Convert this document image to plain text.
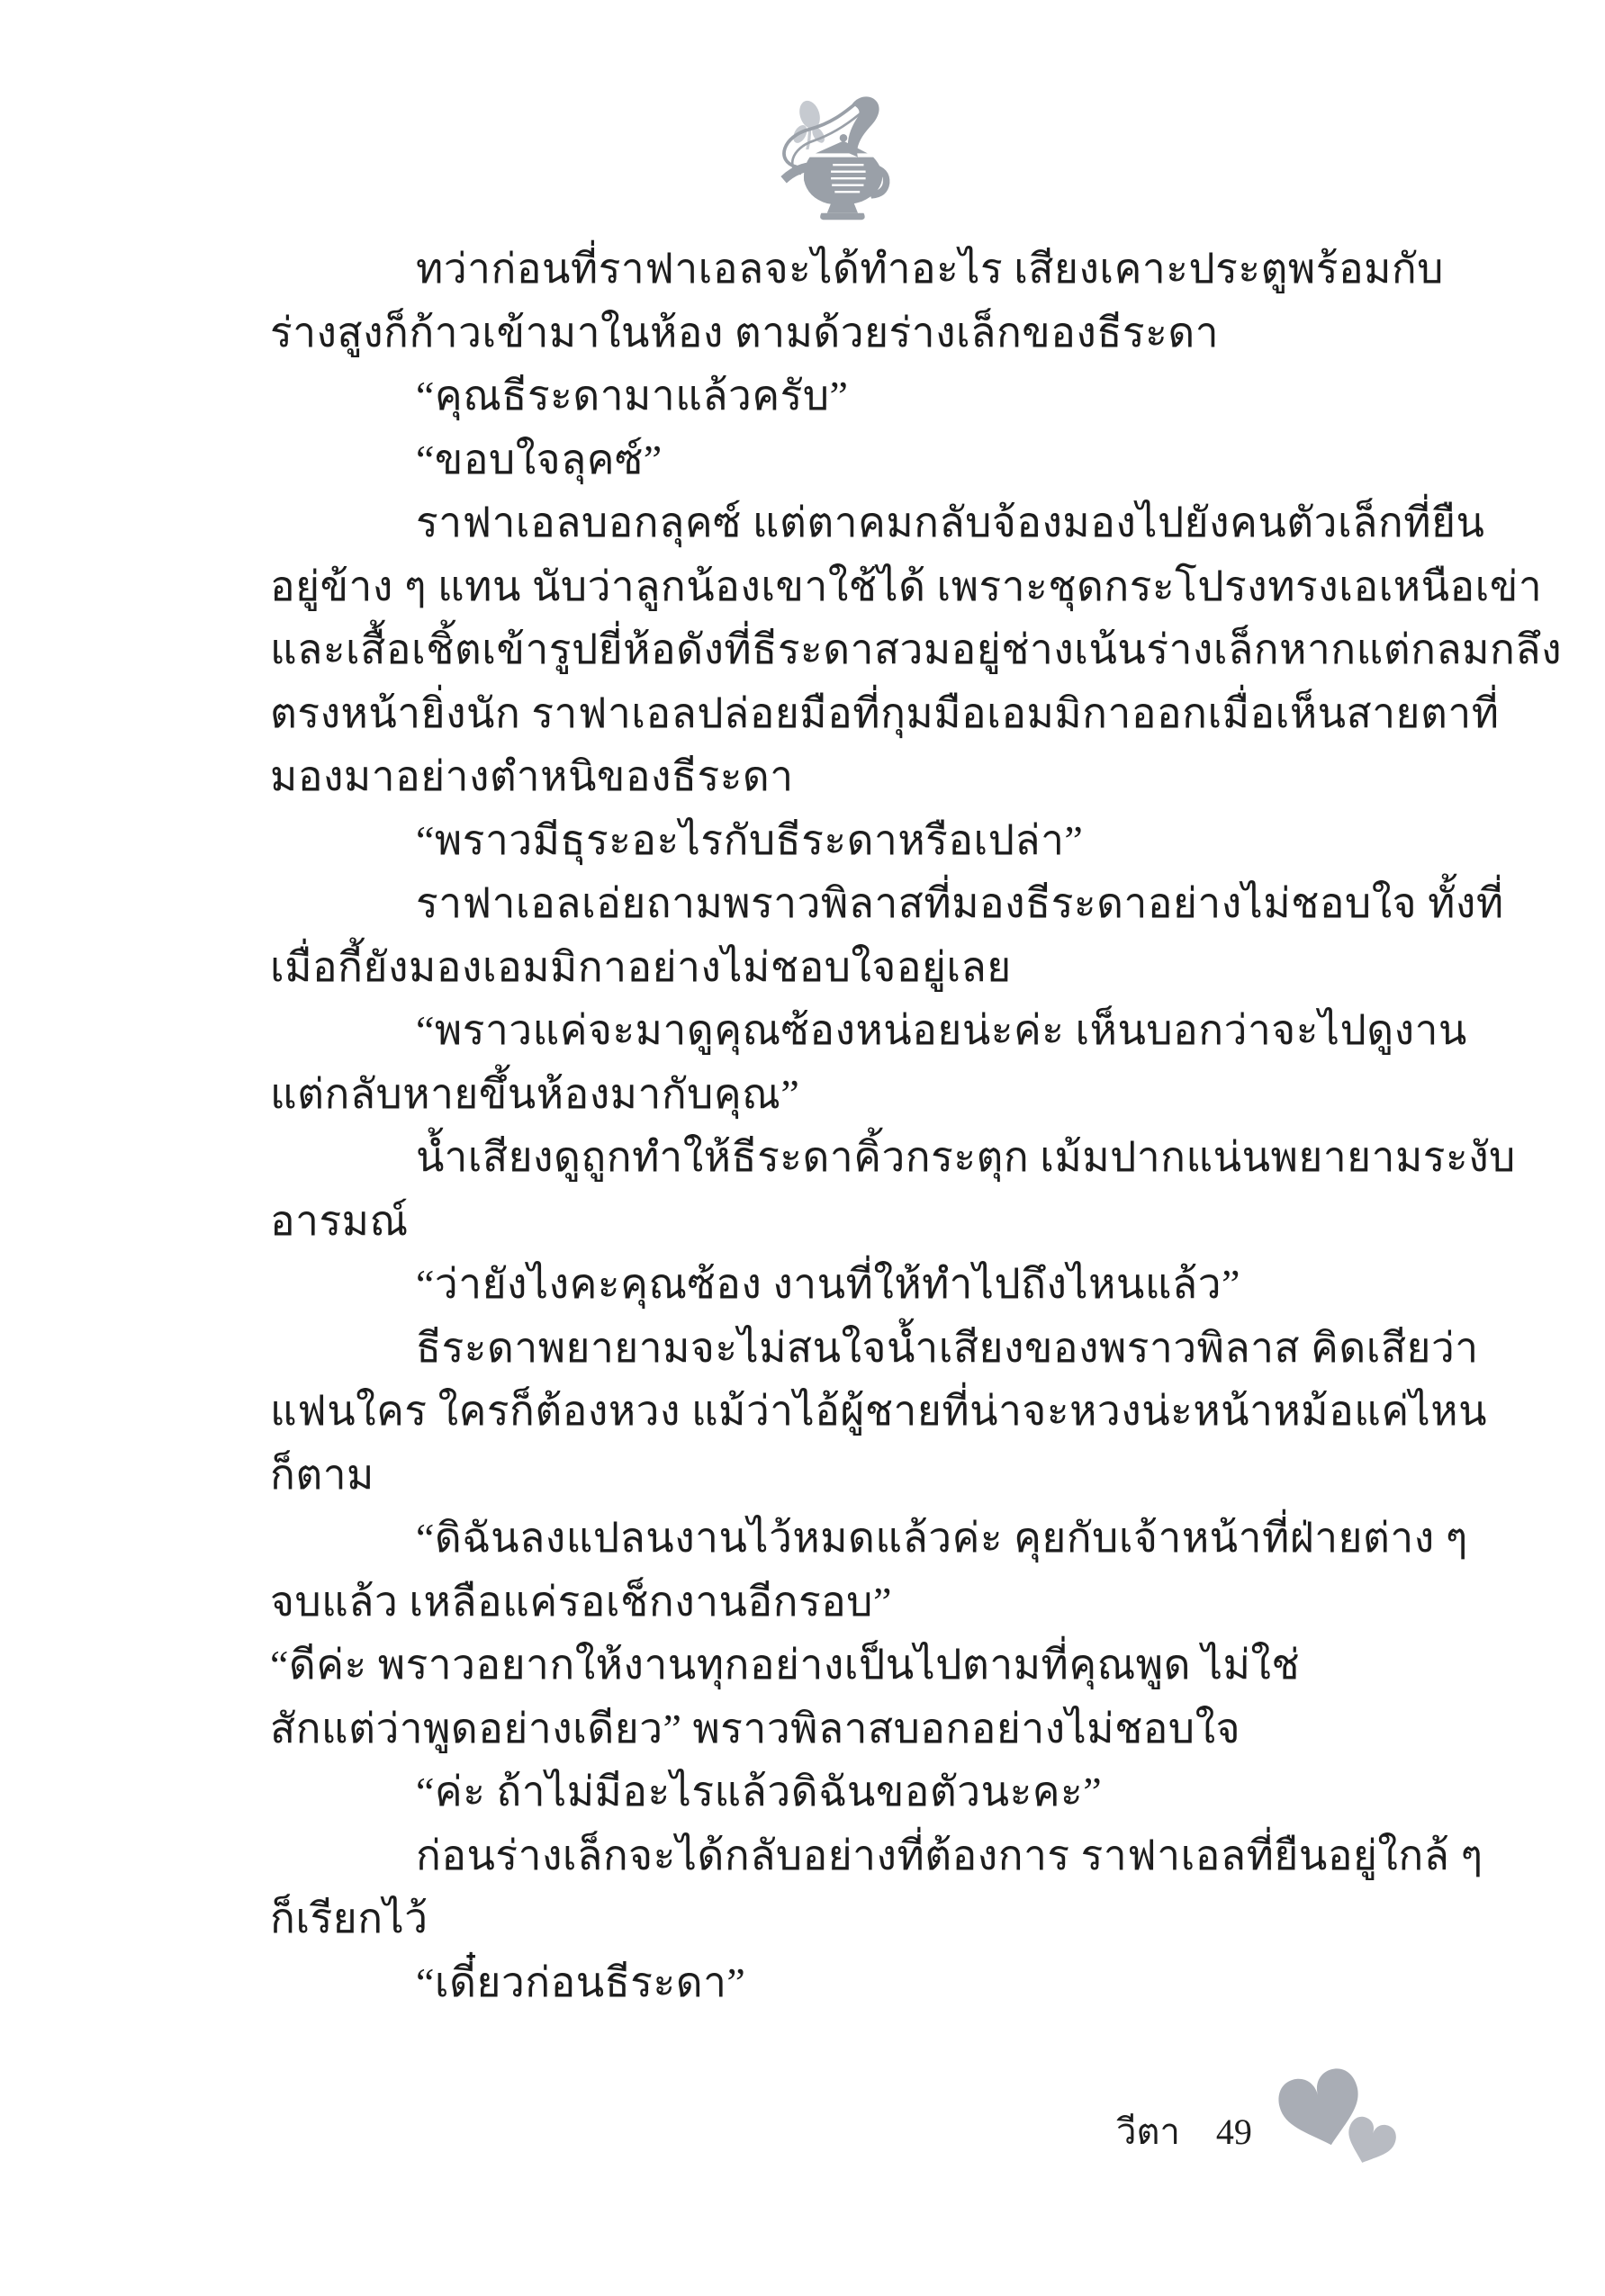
ทว่าก่อนที่ราฟาเอลจะได้ทำอะไร เสียงเคาะประตูพร้อมกับ
ร่างสูงก็ก้าวเข้ามาในห้อง ตามด้วยร่างเล็กของธีระดา
“คุณธีระดามาแล้วครับ”
“ขอบใจลุคซ์”
ราฟาเอลบอกลุคซ์ แต่ตาคมกลับจ้องมองไปยังคนตัวเล็กที่ยืน
อยู่ข้าง ๆ แทน นับว่าลูกน้องเขาใช้ได้ เพราะชุดกระโปรงทรงเอเหนือเข่า
และเสื้อเชิ้ตเข้ารูปยี่ห้อดังที่ธีระดาสวมอยู่ช่างเน้นร่างเล็กหากแต่กลมกลึง
ตรงหน้ายิ่งนัก ราฟาเอลปล่อยมือที่กุมมือเอมมิกาออกเมื่อเห็นสายตาที่
มองมาอย่างตำหนิของธีระดา
“พราวมีธุระอะไรกับธีระดาหรือเปล่า”
ราฟาเอลเอ่ยถามพราวพิลาสที่มองธีระดาอย่างไม่ชอบใจ ทั้งที่
เมื่อกี้ยังมองเอมมิกาอย่างไม่ชอบใจอยู่เลย
“พราวแค่จะมาดูคุณซ้องหน่อยน่ะค่ะ เห็นบอกว่าจะไปดูงาน
แต่กลับหายขึ้นห้องมากับคุณ”
น้ำเสียงดูถูกทำให้ธีระดาคิ้วกระตุก เม้มปากแน่นพยายามระงับ
อารมณ์
“ว่ายังไงคะคุณซ้อง งานที่ให้ทำไปถึงไหนแล้ว”
ธีระดาพยายามจะไม่สนใจน้ำเสียงของพราวพิลาส คิดเสียว่า
แฟนใคร ใครก็ต้องหวง แม้ว่าไอ้ผู้ชายที่น่าจะหวงน่ะหน้าหม้อแค่ไหน
ก็ตาม
“ดิฉันลงแปลนงานไว้หมดแล้วค่ะ คุยกับเจ้าหน้าที่ฝ่ายต่าง ๆ
จบแล้ว เหลือแค่รอเช็กงานอีกรอบ”
“ดีค่ะ พราวอยากให้งานทุกอย่างเป็นไปตามที่คุณพูด ไม่ใช่
สักแต่ว่าพูดอย่างเดียว” พราวพิลาสบอกอย่างไม่ชอบใจ
“ค่ะ ถ้าไม่มีอะไรแล้วดิฉันขอตัวนะคะ”
ก่อนร่างเล็กจะได้กลับอย่างที่ต้องการ ราฟาเอลที่ยืนอยู่ใกล้ ๆ
ก็เรียกไว้
“เดี๋ยวก่อนธีระดา”
วีตา 49
